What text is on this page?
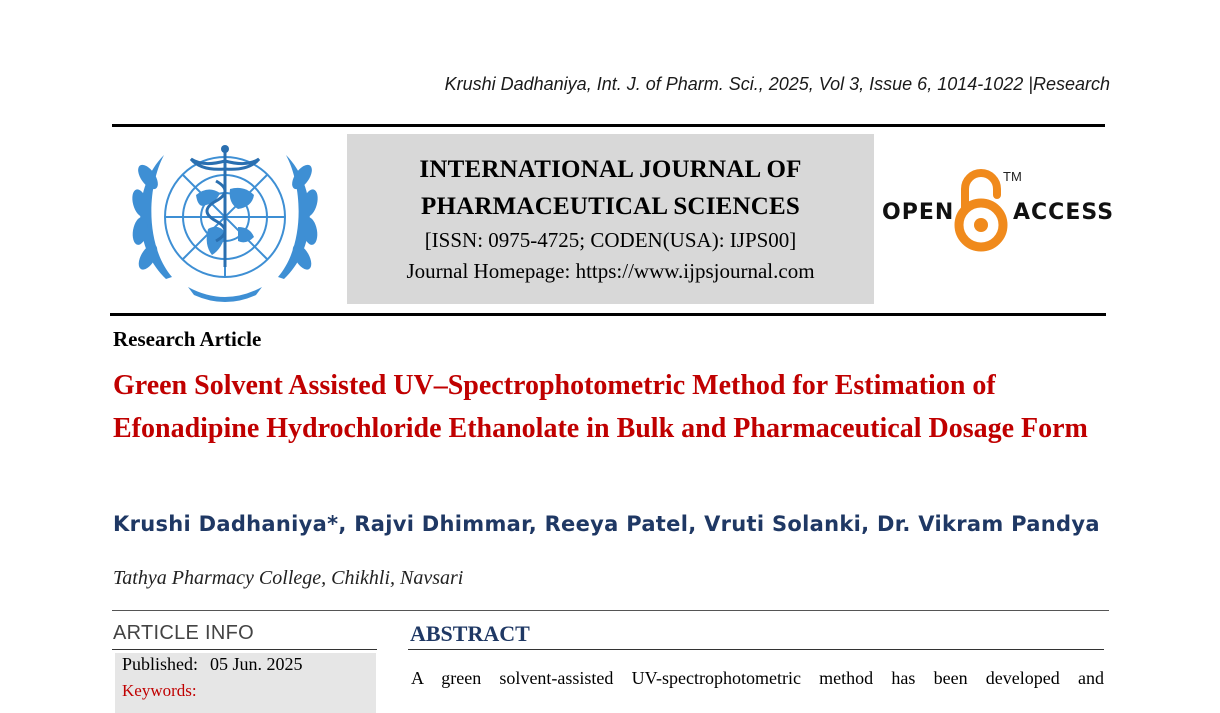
Krushi Dadhaniya, Int. J. of Pharm. Sci., 2025, Vol 3, Issue 6, 1014-1022 |Research
INTERNATIONAL JOURNAL OF
PHARMACEUTICAL SCIENCES
[ISSN: 0975-4725; CODEN(USA): IJPS00]
Journal Homepage: https://www.ijpsjournal.com
OPEN
TM
ACCESS
Research Article
Green Solvent Assisted UV–Spectrophotometric Method for Estimation of Efonadipine Hydrochloride Ethanolate in Bulk and Pharmaceutical Dosage Form
Krushi Dadhaniya*, Rajvi Dhimmar, Reeya Patel, Vruti Solanki, Dr. Vikram Pandya
Tathya Pharmacy College, Chikhli, Navsari
ARTICLE INFO
Published: 05 Jun. 2025
Keywords:
ABSTRACT
A green solvent-assisted UV-spectrophotometric method has been developed and
